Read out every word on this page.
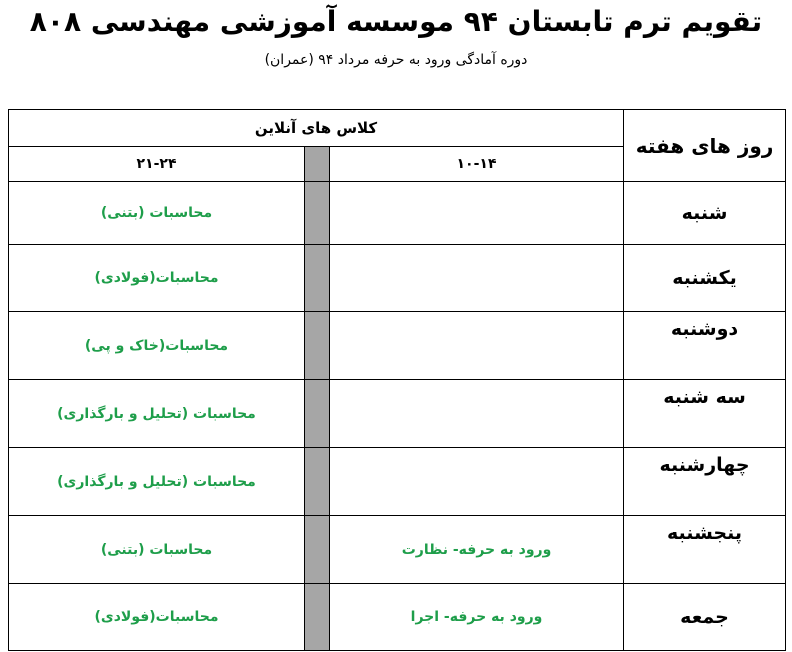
تقویم ترم تابستان ۹۴ موسسه آموزشی مهندسی ۸۰۸
دوره آمادگی ورود به حرفه مرداد ۹۴ (عمران)
کلاس های آنلاین			روز های هفته
۲۱-۲۴		۱۰-۱۴	
محاسبات (بتنی)			شنبه
محاسبات(فولادی)			یکشنبه
محاسبات(خاک و پی)			دوشنبه
محاسبات (تحلیل و بارگذاری)			سه شنبه
محاسبات (تحلیل و بارگذاری)			چهارشنبه
محاسبات (بتنی)		ورود به حرفه- نظارت	پنجشنبه
محاسبات(فولادی)		ورود به حرفه- اجرا	جمعه
